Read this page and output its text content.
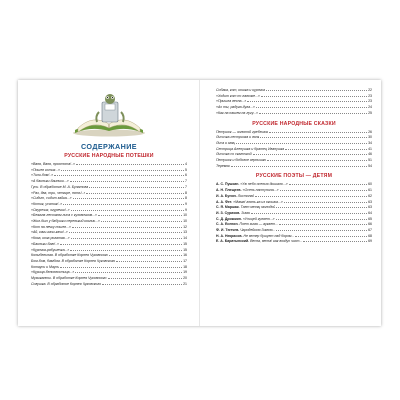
СОДЕРЖАНИЕ
РУССКИЕ НАРОДНЫЕ ПОТЕШКИ
«Ваня, Ваня, простота!..»	4
«Пошел котик...»	5
«Тили-бом!..»	6
«А баиньки-баиньки...»	7
Гуси. В обработке М. А. Булатова	7
«Раз, два, три, четыре, пять!..»	8
«Сидит, сидит зайка...»	8
«Котик, усатик!..»	9
«Огуречик, огуречик!..»	9
«Бежала лесочком лиса с кузовочком...»	10
«Жил-был у бабушки серенький козлик...»	10
«Кот на печку пошел...»	12
«Ай, качи-качи-качи!..»	13
«Коза, коза рогатая...»	14
«Баиньки-баю!..»	15
«Курочка-рябушечка...»	15
Колыбельная. В обработке Корнея Чуковского	16
Бом-бом, бамбом. В обработке Корнея Чуковского	17
Котауси и Мауси	18
«Курица-белохвостица...»	19
Музыканты. В обработке Корнея Чуковского	20
Совушка. В обработке Корнея Чуковского	21
Собака, кот, кошка и курочка	22
«Ходит кот по лавочке...»	23
«Пришла весна...»	23
«Ах ты, радуга-дуга...»	24
«Как на нашем на лугу...»	25
РУССКИЕ НАРОДНЫЕ СКАЗКИ
Петушок — золотой гребешок	26
Лисичка-сестричка и волк	30
Лиса и заяц	34
Сестрица Аленушка и братец Иванушка	41
Лисичка со скалочкой	46
Петушок и бобовое зернышко	51
Теремок	54
РУССКИЕ ПОЭТЫ — ДЕТЯМ
А. С. Пушкин.«Уж небо осенью дышало...»	60
А. Н. Плещеев.«Осень наступила...»	61
И. А. Бунин.Листопад	62
А. А. Фет.«Мама! глянь-ка из окошка...»	63
С. Я. Маршак.Тает месяц молодой	63
И. З. Суриков.Зима	64
С. Д. Дрожжин.«Улицей гуляет...»	65
С. А. Есенин.Поет зима — аукает...	66
Ф. И. Тютчев.Чародейкою Зимою...	67
Н. А. Некрасов.Не ветер бушует над бором...	68
Е. А. Баратынский.Весна, весна! как воздух чист...	69
